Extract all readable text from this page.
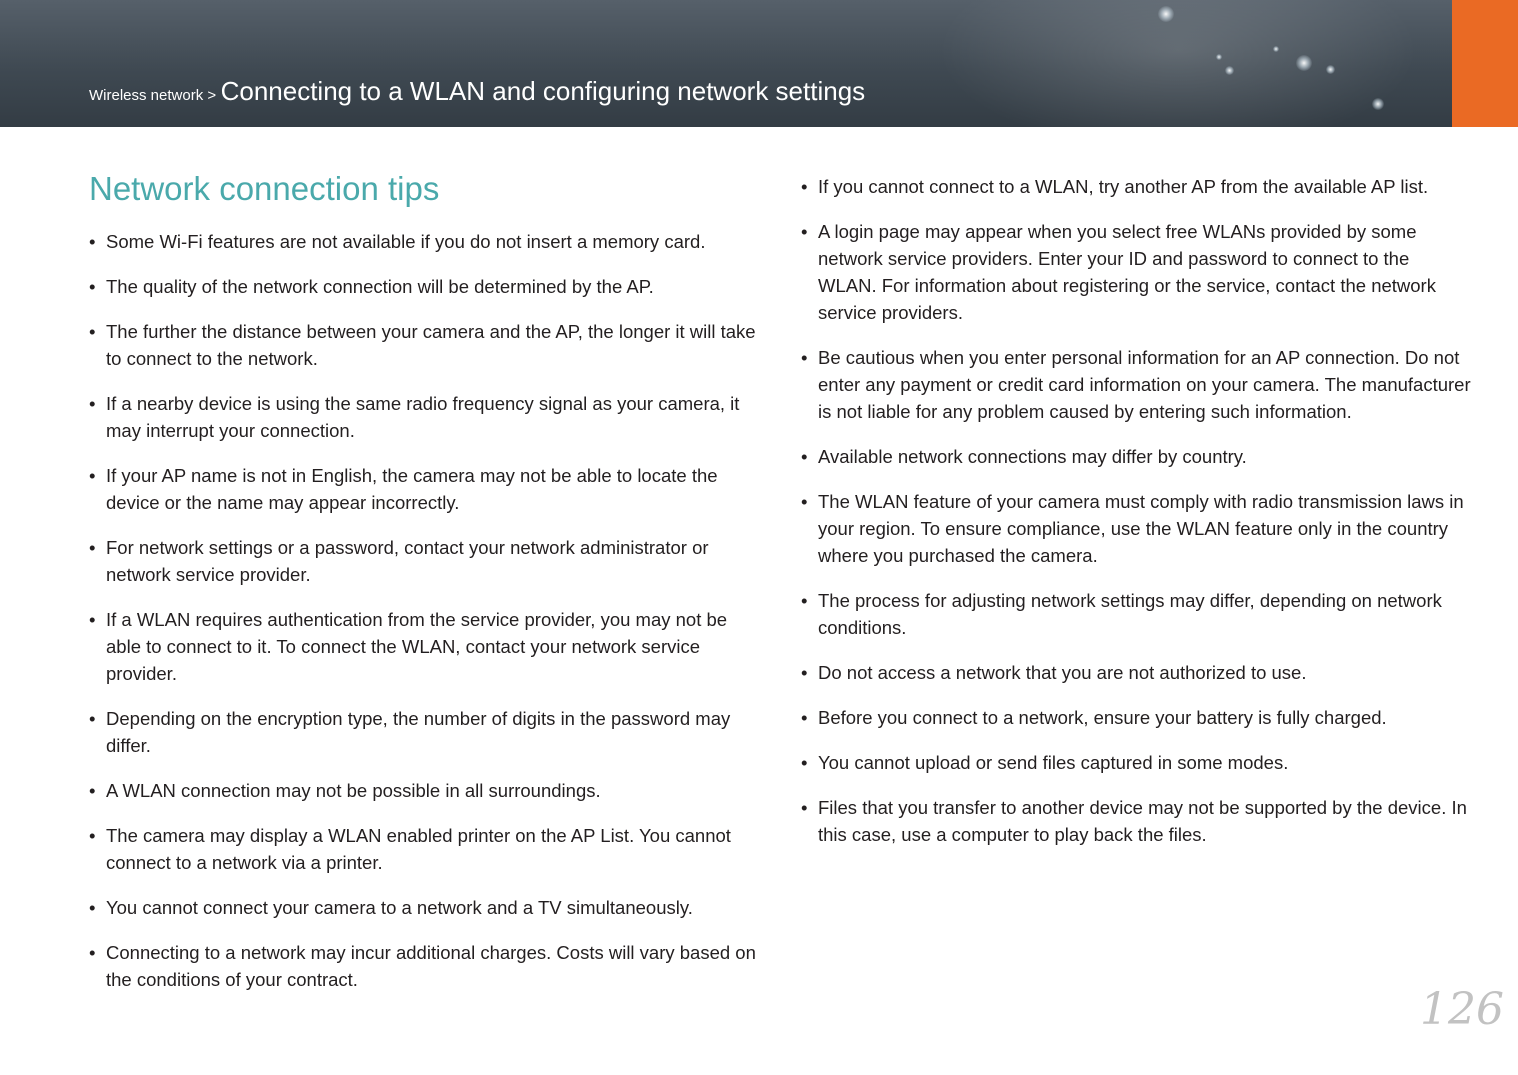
Wireless network > Connecting to a WLAN and configuring network settings
Network connection tips
• Some Wi-Fi features are not available if you do not insert a memory card.
• The quality of the network connection will be determined by the AP.
• The further the distance between your camera and the AP, the longer it will take to connect to the network.
• If a nearby device is using the same radio frequency signal as your camera, it may interrupt your connection.
• If your AP name is not in English, the camera may not be able to locate the device or the name may appear incorrectly.
• For network settings or a password, contact your network administrator or network service provider.
• If a WLAN requires authentication from the service provider, you may not be able to connect to it. To connect the WLAN, contact your network service provider.
• Depending on the encryption type, the number of digits in the password may differ.
• A WLAN connection may not be possible in all surroundings.
• The camera may display a WLAN enabled printer on the AP List. You cannot connect to a network via a printer.
• You cannot connect your camera to a network and a TV simultaneously.
• Connecting to a network may incur additional charges. Costs will vary based on the conditions of your contract.
• If you cannot connect to a WLAN, try another AP from the available AP list.
• A login page may appear when you select free WLANs provided by some network service providers. Enter your ID and password to connect to the WLAN. For information about registering or the service, contact the network service providers.
• Be cautious when you enter personal information for an AP connection. Do not enter any payment or credit card information on your camera. The manufacturer is not liable for any problem caused by entering such information.
• Available network connections may differ by country.
• The WLAN feature of your camera must comply with radio transmission laws in your region. To ensure compliance, use the WLAN feature only in the country where you purchased the camera.
• The process for adjusting network settings may differ, depending on network conditions.
• Do not access a network that you are not authorized to use.
• Before you connect to a network, ensure your battery is fully charged.
• You cannot upload or send files captured in some modes.
• Files that you transfer to another device may not be supported by the device. In this case, use a computer to play back the files.
126
